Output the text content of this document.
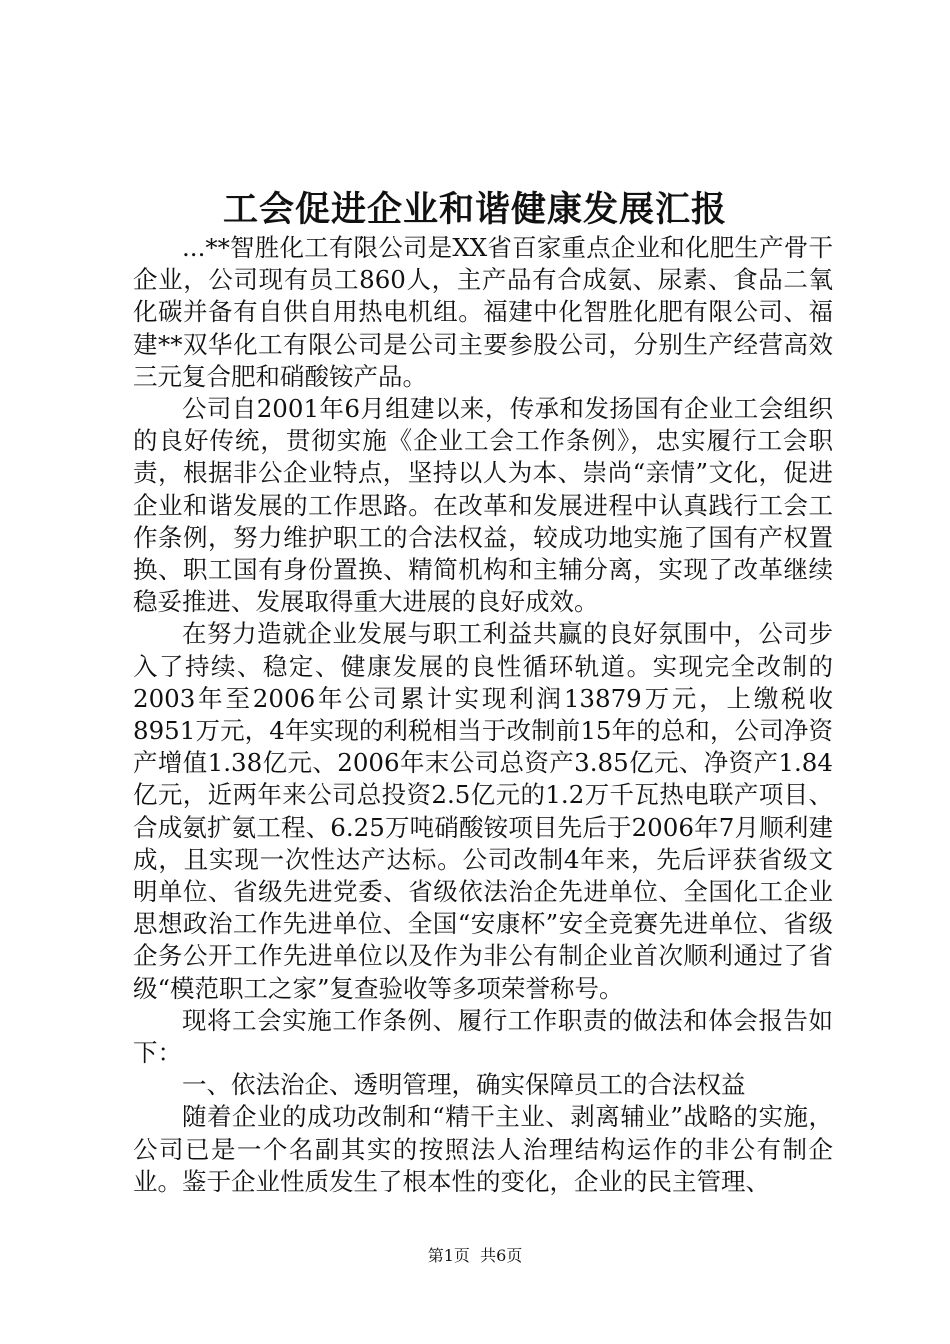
工会促进企业和谐健康发展汇报

...**智胜化工有限公司是XX省百家重点企业和化肥生产骨干企业，公司现有员工860人，主产品有合成氨、尿素、食品二氧化碳并备有自供自用热电机组。福建中化智胜化肥有限公司、福建**双华化工有限公司是公司主要参股公司，分别生产经营高效三元复合肥和硝酸铵产品。

公司自2001年6月组建以来，传承和发扬国有企业工会组织的良好传统，贯彻实施《企业工会工作条例》，忠实履行工会职责，根据非公企业特点，坚持以人为本、崇尚“亲情”文化，促进企业和谐发展的工作思路。在改革和发展进程中认真践行工会工作条例，努力维护职工的合法权益，较成功地实施了国有产权置换、职工国有身份置换、精简机构和主辅分离，实现了改革继续稳妥推进、发展取得重大进展的良好成效。

在努力造就企业发展与职工利益共赢的良好氛围中，公司步入了持续、稳定、健康发展的良性循环轨道。实现完全改制的2003年至2006年公司累计实现利润13879万元，上缴税收8951万元，4年实现的利税相当于改制前15年的总和，公司净资产增值1.38亿元、2006年末公司总资产3.85亿元、净资产1.84亿元，近两年来公司总投资2.5亿元的1.2万千瓦热电联产项目、合成氨扩氨工程、6.25万吨硝酸铵项目先后于2006年7月顺利建成，且实现一次性达产达标。公司改制4年来，先后评获省级文明单位、省级先进党委、省级依法治企先进单位、全国化工企业思想政治工作先进单位、全国“安康杯”安全竞赛先进单位、省级企务公开工作先进单位以及作为非公有制企业首次顺利通过了省级“模范职工之家”复查验收等多项荣誉称号。

现将工会实施工作条例、履行工作职责的做法和体会报告如下：

一、依法治企、透明管理，确实保障员工的合法权益

随着企业的成功改制和“精干主业、剥离辅业”战略的实施，公司已是一个名副其实的按照法人治理结构运作的非公有制企业。鉴于企业性质发生了根本性的变化，企业的民主管理、

第1页 共6页
